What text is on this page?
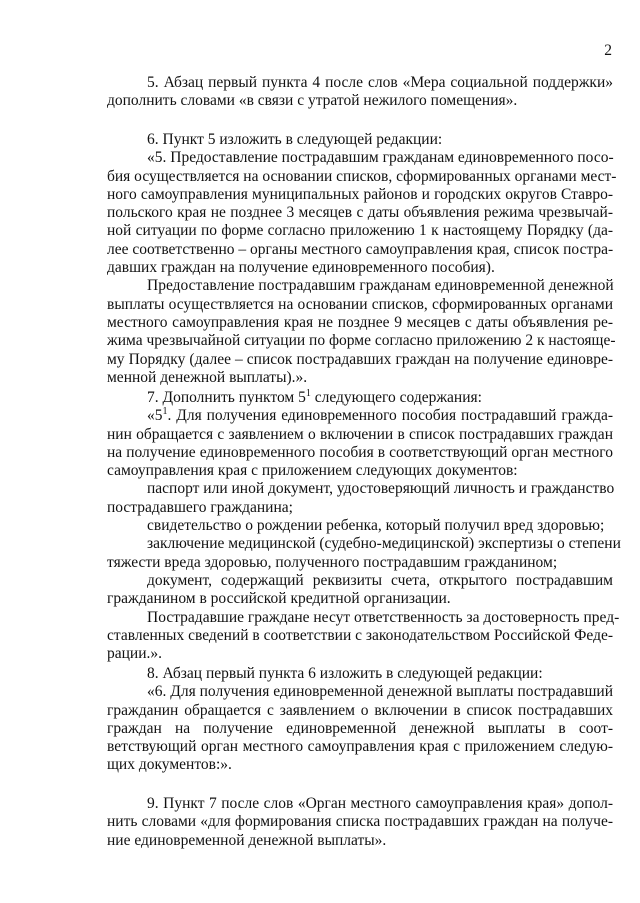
2
5. Абзац первый пункта 4 после слов «Мера социальной поддержки»
дополнить словами «в связи с утратой нежилого помещения».
6. Пункт 5 изложить в следующей редакции:
«5. Предоставление пострадавшим гражданам единовременного посо-
бия осуществляется на основании списков, сформированных органами мест-
ного самоуправления муниципальных районов и городских округов Ставро-
польского края не позднее 3 месяцев с даты объявления режима чрезвычай-
ной ситуации по форме согласно приложению 1 к настоящему Порядку (да-
лее соответственно – органы местного самоуправления края, список постра-
давших граждан на получение единовременного пособия).
Предоставление пострадавшим гражданам единовременной денежной
выплаты осуществляется на основании списков, сформированных органами
местного самоуправления края не позднее 9 месяцев с даты объявления ре-
жима чрезвычайной ситуации по форме согласно приложению 2 к настояще-
му Порядку (далее – список пострадавших граждан на получение единовре-
менной денежной выплаты).».
7. Дополнить пунктом $5^1$ следующего содержания:
«$5^1$. Для получения единовременного пособия пострадавший гражда-
нин обращается с заявлением о включении в список пострадавших граждан
на получение единовременного пособия в соответствующий орган местного
самоуправления края с приложением следующих документов:
паспорт или иной документ, удостоверяющий личность и гражданство
пострадавшего гражданина;
свидетельство о рождении ребенка, который получил вред здоровью;
заключение медицинской (судебно-медицинской) экспертизы о степени
тяжести вреда здоровью, полученного пострадавшим гражданином;
документ, содержащий реквизиты счета, открытого пострадавшим
гражданином в российской кредитной организации.
Пострадавшие граждане несут ответственность за достоверность пред-
ставленных сведений в соответствии с законодательством Российской Феде-
рации.».
8. Абзац первый пункта 6 изложить в следующей редакции:
«6. Для получения единовременной денежной выплаты пострадавший
гражданин обращается с заявлением о включении в список пострадавших
граждан на получение единовременной денежной выплаты в соот-
ветствующий орган местного самоуправления края с приложением следую-
щих документов:».
9. Пункт 7 после слов «Орган местного самоуправления края» допол-
нить словами «для формирования списка пострадавших граждан на получе-
ние единовременной денежной выплаты».
